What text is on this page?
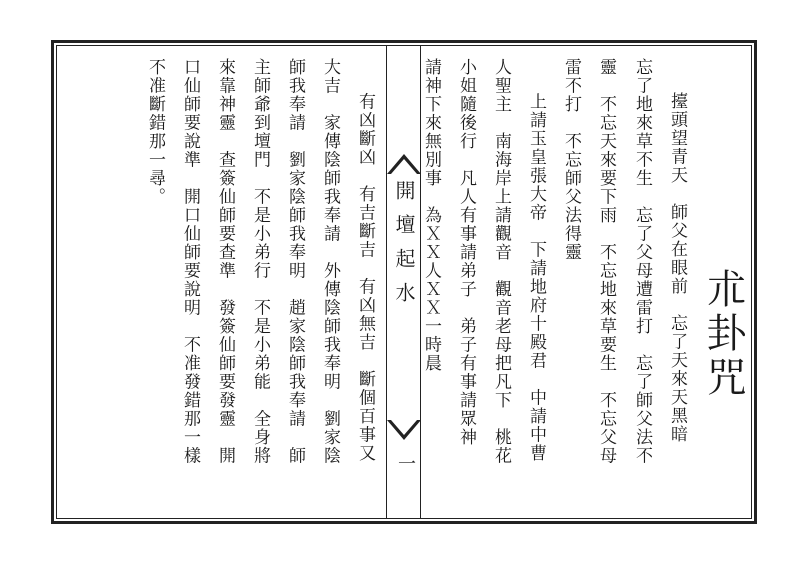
朮卦咒
擡頭望青天　師父在眼前　忘了天來天黑暗
忘了地來草不生　忘了父母遭雷打　忘了師父法不
靈　不忘天來要下雨　不忘地來草要生　不忘父母
雷不打　不忘師父法得靈
　上請玉皇張大帝　下請地府十殿君　中請中曹
人聖主　南海岸上請觀音　觀音老母把凡下　桃花
小姐隨後行　凡人有事請弟子　弟子有事請眾神
請神下來無別事　為ＸＸ人ＸＸ一時晨
開壇起水
一
　有凶斷凶　有吉斷吉　有凶無吉　斷個百事又
大吉　家傳陰師我奉請　外傳陰師我奉明　劉家陰
師我奉請　劉家陰師我奉明　趙家陰師我奉請　師
主師爺到壇門　不是小弟行　不是小弟能　全身將
來靠神靈　查簽仙師要查準　發簽仙師要發靈　開
口仙師要說準　開口仙師要說明　不准發錯那一樣
不准斷錯那一尋。
